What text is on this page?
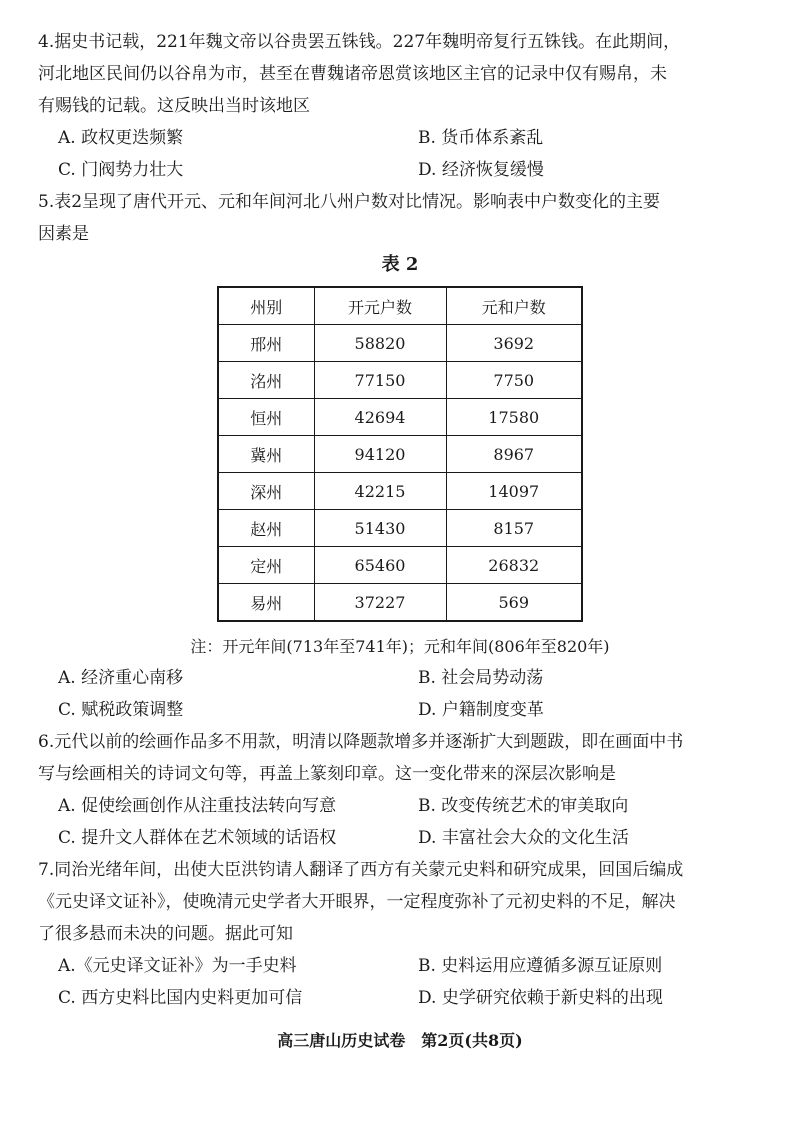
4.据史书记载，221年魏文帝以谷贵罢五铢钱。227年魏明帝复行五铢钱。在此期间，
河北地区民间仍以谷帛为市，甚至在曹魏诸帝恩赏该地区主官的记录中仅有赐帛，未
有赐钱的记载。这反映出当时该地区
A. 政权更迭频繁	B. 货币体系紊乱
C. 门阀势力壮大	D. 经济恢复缓慢
5.表2呈现了唐代开元、元和年间河北八州户数对比情况。影响表中户数变化的主要
因素是
表 2
州别	开元户数	元和户数
邢州	58820	3692
洺州	77150	7750
恒州	42694	17580
冀州	94120	8967
深州	42215	14097
赵州	51430	8157
定州	65460	26832
易州	37227	569
注：开元年间(713年至741年)；元和年间(806年至820年)
A. 经济重心南移	B. 社会局势动荡
C. 赋税政策调整	D. 户籍制度变革
6.元代以前的绘画作品多不用款，明清以降题款增多并逐渐扩大到题跋，即在画面中书
写与绘画相关的诗词文句等，再盖上篆刻印章。这一变化带来的深层次影响是
A. 促使绘画创作从注重技法转向写意	B. 改变传统艺术的审美取向
C. 提升文人群体在艺术领域的话语权	D. 丰富社会大众的文化生活
7.同治光绪年间，出使大臣洪钧请人翻译了西方有关蒙元史料和研究成果，回国后编成
《元史译文证补》，使晚清元史学者大开眼界，一定程度弥补了元初史料的不足，解决
了很多悬而未决的问题。据此可知
A.《元史译文证补》为一手史料	B. 史料运用应遵循多源互证原则
C. 西方史料比国内史料更加可信	D. 史学研究依赖于新史料的出现
高三唐山历史试卷　第2页(共8页)
